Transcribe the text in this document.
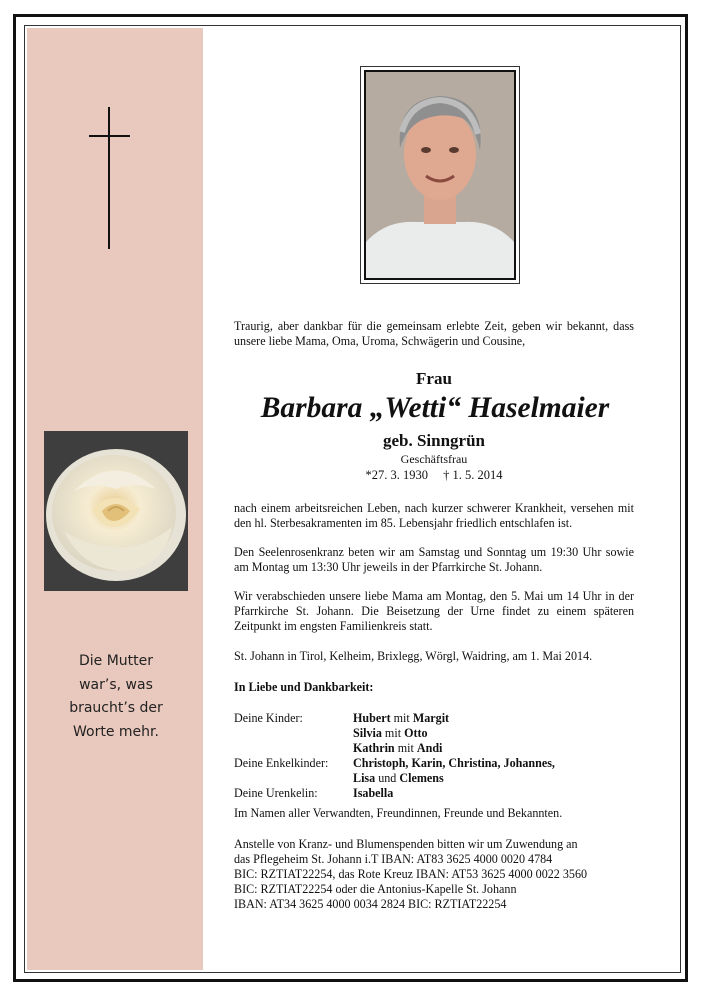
Die Mutter
war’s, was
braucht’s der
Worte mehr.
Traurig, aber dankbar für die gemeinsam erlebte Zeit, geben wir bekannt, dass unsere liebe Mama, Oma, Uroma, Schwägerin und Cousine,
Frau
Barbara „Wetti“ Haselmaier
geb. Sinngrün
Geschäftsfrau
*27. 3. 1930 † 1. 5. 2014
nach einem arbeitsreichen Leben, nach kurzer schwerer Krankheit, versehen mit den hl. Sterbesakramenten im 85. Lebensjahr friedlich entschlafen ist.
Den Seelenrosenkranz beten wir am Samstag und Sonntag um 19:30 Uhr sowie am Montag um 13:30 Uhr jeweils in der Pfarrkirche St. Johann.
Wir verabschieden unsere liebe Mama am Montag, den 5. Mai um 14 Uhr in der Pfarrkirche St. Johann. Die Beisetzung der Urne findet zu einem späteren Zeitpunkt im engsten Familienkreis statt.
St. Johann in Tirol, Kelheim, Brixlegg, Wörgl, Waidring, am 1. Mai 2014.
In Liebe und Dankbarkeit:
Deine Kinder:	Hubert mit Margit
Silvia mit Otto
Kathrin mit Andi
Deine Enkelkinder: Christoph, Karin, Christina, Johannes,
Lisa und Clemens
Deine Urenkelin:	Isabella
Im Namen aller Verwandten, Freundinnen, Freunde und Bekannten.
Anstelle von Kranz- und Blumenspenden bitten wir um Zuwendung an
das Pflegeheim St. Johann i.T IBAN: AT83 3625 4000 0020 4784
BIC: RZTIAT22254, das Rote Kreuz IBAN: AT53 3625 4000 0022 3560
BIC: RZTIAT22254 oder die Antonius-Kapelle St. Johann
IBAN: AT34 3625 4000 0034 2824 BIC: RZTIAT22254
